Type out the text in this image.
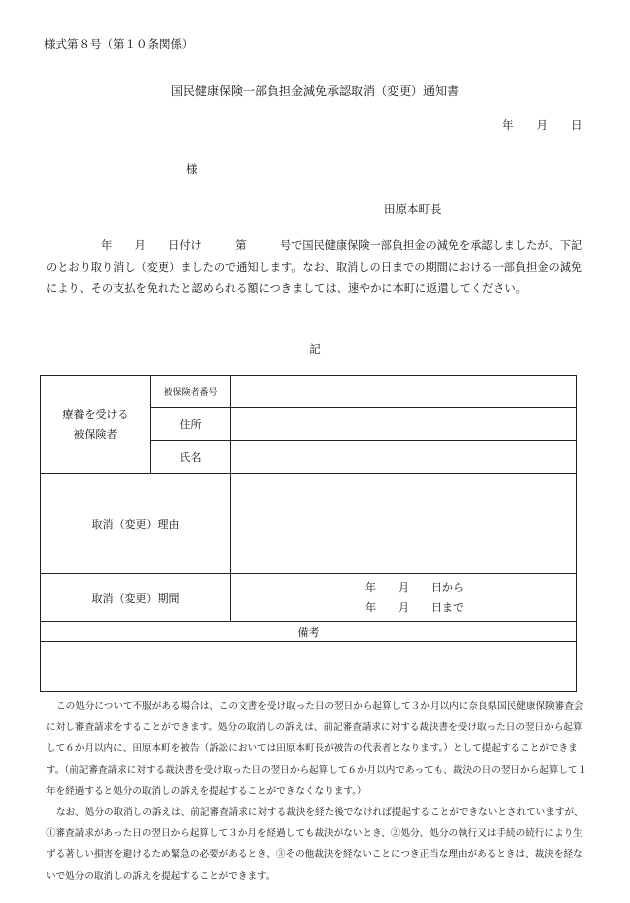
様式第８号（第１０条関係）
国民健康保険一部負担金減免承認取消（変更）通知書
年　　月　　日
様
田原本町長
年　　月　　日付け　　　第　　　号で国民健康保険一部負担金の減免を承認しましたが、下記のとおり取り消し（変更）ましたので通知します。なお、取消しの日までの期間における一部負担金の減免により、その支払を免れたと認められる額につきましては、速やかに本町に返還してください。
記
療養を受ける
被保険者	被保険者番号	
	住所	
	氏名	
取消（変更）理由		
取消（変更）期間		年　　月　　日から
年　　月　　日まで

備考		

この処分について不服がある場合は、この文書を受け取った日の翌日から起算して３か月以内に奈良県国民健康保険審査会に対し審査請求をすることができます。処分の取消しの訴えは、前記審査請求に対する裁決書を受け取った日の翌日から起算して６か月以内に、田原本町を被告（訴訟においては田原本町長が被告の代表者となります。）として提起することができます。（前記審査請求に対する裁決書を受け取った日の翌日から起算して６か月以内であっても、裁決の日の翌日から起算して１年を経過すると処分の取消しの訴えを提起することができなくなります。）

なお、処分の取消しの訴えは、前記審査請求に対する裁決を経た後でなければ提起することができないとされていますが、①審査請求があった日の翌日から起算して３か月を経過しても裁決がないとき、②処分、処分の執行又は手続の続行により生ずる著しい損害を避けるため緊急の必要があるとき、③その他裁決を経ないことにつき正当な理由があるときは、裁決を経ないで処分の取消しの訴えを提起することができます。
